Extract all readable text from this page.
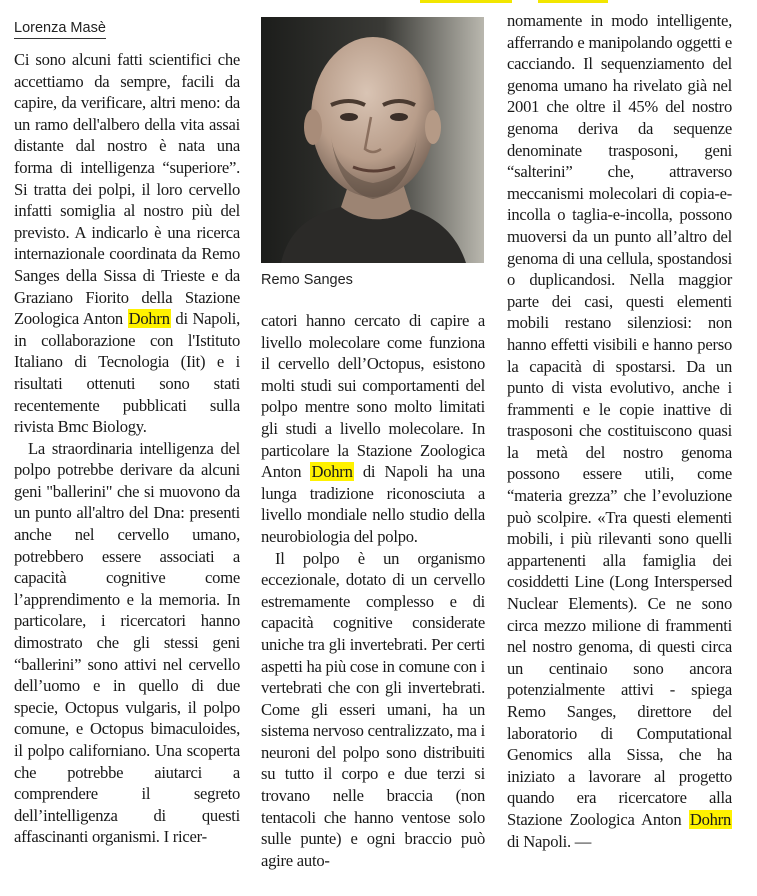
Lorenza Masè

Ci sono alcuni fatti scientifici che accettiamo da sempre, facili da capire, da verificare, altri meno: da un ramo dell'albero della vita assai distante dal nostro è nata una forma di intelligenza “superiore”. Si tratta dei polpi, il loro cervello infatti somiglia al nostro più del previsto. A indicarlo è una ricerca internazionale coordinata da Remo Sanges della Sissa di Trieste e da Graziano Fiorito della Stazione Zoologica Anton Dohrn di Napoli, in collaborazione con l'Istituto Italiano di Tecnologia (Iit) e i risultati ottenuti sono stati recentemente pubblicati sulla rivista Bmc Biology.

La straordinaria intelligenza del polpo potrebbe derivare da alcuni geni "ballerini" che si muovono da un punto all'altro del Dna: presenti anche nel cervello umano, potrebbero essere associati a capacità cognitive come l’apprendimento e la memoria. In particolare, i ricercatori hanno dimostrato che gli stessi geni “ballerini” sono attivi nel cervello dell’uomo e in quello di due specie, Octopus vulgaris, il polpo comune, e Octopus bimaculoides, il polpo californiano. Una scoperta che potrebbe aiutarci a comprendere il segreto dell’intelligenza di questi affascinanti organismi. I ricer-

Remo Sanges

catori hanno cercato di capire a livello molecolare come funziona il cervello dell’Octopus, esistono molti studi sui comportamenti del polpo mentre sono molto limitati gli studi a livello molecolare. In particolare la Stazione Zoologica Anton Dohrn di Napoli ha una lunga tradizione riconosciuta a livello mondiale nello studio della neurobiologia del polpo.

Il polpo è un organismo eccezionale, dotato di un cervello estremamente complesso e di capacità cognitive considerate uniche tra gli invertebrati. Per certi aspetti ha più cose in comune con i vertebrati che con gli invertebrati. Come gli esseri umani, ha un sistema nervoso centralizzato, ma i neuroni del polpo sono distribuiti su tutto il corpo e due terzi si trovano nelle braccia (non tentacoli che hanno ventose solo sulle punte) e ogni braccio può agire auto-

nomamente in modo intelligente, afferrando e manipolando oggetti e cacciando. Il sequenziamento del genoma umano ha rivelato già nel 2001 che oltre il 45% del nostro genoma deriva da sequenze denominate trasposoni, geni “salterini” che, attraverso meccanismi molecolari di copia-e-incolla o taglia-e-incolla, possono muoversi da un punto all’altro del genoma di una cellula, spostandosi o duplicandosi. Nella maggior parte dei casi, questi elementi mobili restano silenziosi: non hanno effetti visibili e hanno perso la capacità di spostarsi. Da un punto di vista evolutivo, anche i frammenti e le copie inattive di trasposoni che costituiscono quasi la metà del nostro genoma possono essere utili, come “materia grezza” che l’evoluzione può scolpire. «Tra questi elementi mobili, i più rilevanti sono quelli appartenenti alla famiglia dei cosiddetti Line (Long Interspersed Nuclear Elements). Ce ne sono circa mezzo milione di frammenti nel nostro genoma, di questi circa un centinaio sono ancora potenzialmente attivi - spiega Remo Sanges, direttore del laboratorio di Computational Genomics alla Sissa, che ha iniziato a lavorare al progetto quando era ricercatore alla Stazione Zoologica Anton Dohrn di Napoli. —
